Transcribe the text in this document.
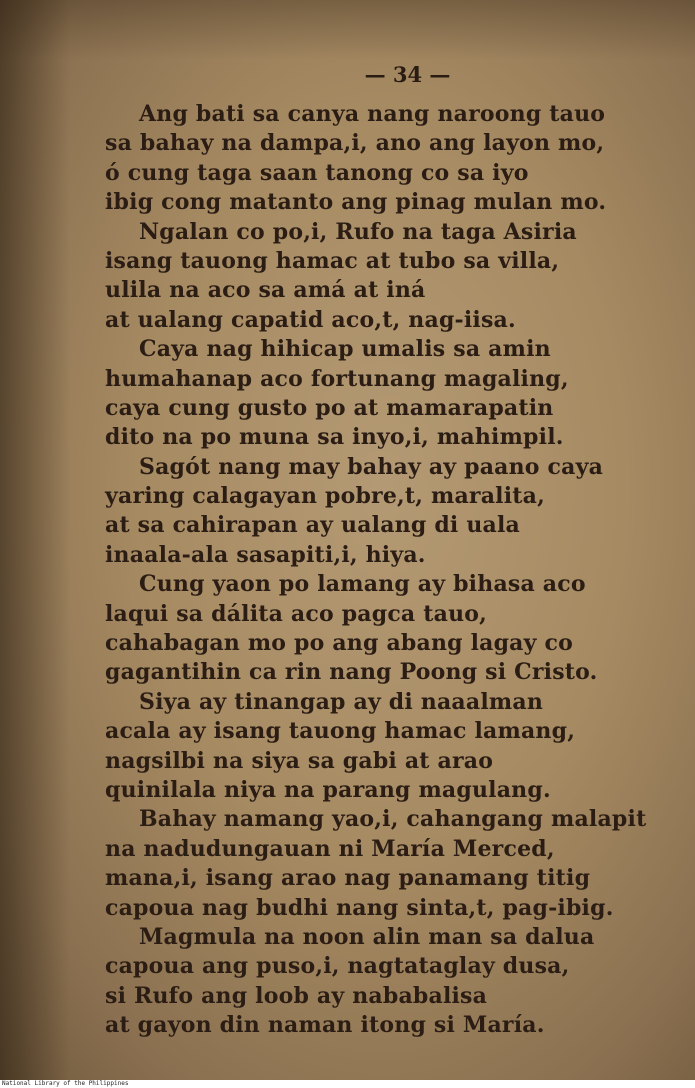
— 34 —
Ang bati sa canya nang naroong tauo
sa bahay na dampa,i, ano ang layon mo,
ó cung taga saan tanong co sa iyo
ibig cong matanto ang pinag mulan mo.
Ngalan co po,i, Rufo na taga Asiria
isang tauong hamac at tubo sa villa,
ulila na aco sa amá at iná
at ualang capatid aco,t, nag-iisa.
Caya nag hihicap umalis sa amin
humahanap aco fortunang magaling,
caya cung gusto po at mamarapatin
dito na po muna sa inyo,i, mahimpil.
Sagót nang may bahay ay paano caya
yaring calagayan pobre,t, maralita,
at sa cahirapan ay ualang di uala
inaala-ala sasapiti,i, hiya.
Cung yaon po lamang ay bihasa aco
laqui sa dálita aco pagca tauo,
cahabagan mo po ang abang lagay co
gagantihin ca rin nang Poong si Cristo.
Siya ay tinangap ay di naaalman
acala ay isang tauong hamac lamang,
nagsilbi na siya sa gabi at arao
quinilala niya na parang magulang.
Bahay namang yao,i, cahangang malapit
na nadudungauan ni María Merced,
mana,i, isang arao nag panamang titig
capoua nag budhi nang sinta,t, pag-ibig.
Magmula na noon alin man sa dalua
capoua ang puso,i, nagtataglay dusa,
si Rufo ang loob ay nababalisa
at gayon din naman itong si María.
National Library of the Philippines
